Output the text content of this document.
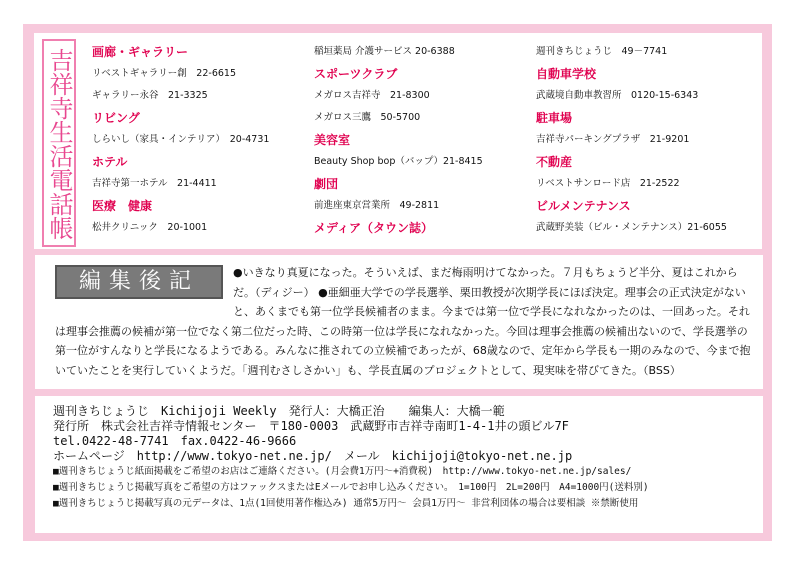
吉祥寺生活電話帳 画廊・ギャラリー
リベストギャラリー創　22-6615
ギャラリー永谷　21-3325
リビング
しらいし（家具・インテリア）　20-4731
ホテル
吉祥寺第一ホテル　21-4411
医療　健康
松井クリニック　20-1001
稲垣薬局 介護サービス 20-6388
スポーツクラブ
メガロス吉祥寺　21-8300
メガロス三鷹　50-5700
美容室
Beauty Shop bop（バップ）21-8415
劇団
前進座東京営業所　49-2811
メディア（タウン誌）
週刊きちじょうじ　49－7741
自動車学校
武蔵境自動車教習所　0120-15-6343
駐車場
吉祥寺パーキングプラザ　21-9201
不動産
リベストサンロード店　21-2522
ビルメンテナンス
武蔵野美装（ビル・メンテナンス）21-6055
編集後記	●いきなり真夏になった。そういえば、まだ梅雨明けてなかった。７月もちょうど半分、夏はこれからだ。（ディジー） ●亜細亜大学での学長選挙、栗田教授が次期学長にほぼ決定。理事会の正式決定がないと、あくまでも第一位学長候補者のまま。今までは第一位で学長になれなかったのは、一回あった。それは理事会推薦の候補が第一位でなく第二位だった時、この時第一位は学長になれなかった。今回は理事会推薦の候補出ないので、学長選挙の第一位がすんなりと学長になるようである。みんなに推されての立候補であったが、68歳なので、定年から学長も一期のみなので、今まで抱いていたことを実行していくようだ。「週刊むさしさかい」も、学長直属のプロジェクトとして、現実味を帯びてきた。（BSS）
週刊きちじょうじ　Kichijoji Weekly　発行人：大橋正治　　編集人：大橋一範
発行所　株式会社吉祥寺情報センター　〒180-0003　武蔵野市吉祥寺南町1-4-1井の頭ビル7F
tel.0422-48-7741　fax.0422-46-9666
ホームページ　http://www.tokyo-net.ne.jp/　メール　kichijoji@tokyo-net.ne.jp
■週刊きちじょうじ紙面掲載をご希望のお店はご連絡ください。(月会費1万円～+消費税)　http://www.tokyo-net.ne.jp/sales/
■週刊きちじょうじ掲載写真をご希望の方はファックスまたはEメールでお申し込みください。　1=100円　2L=200円　A4=1000円(送料別)
■週刊きちじょうじ掲載写真の元データは、1点(1回使用著作権込み) 通常5万円～ 会員1万円～ 非営利団体の場合は要相談 ※禁断使用
